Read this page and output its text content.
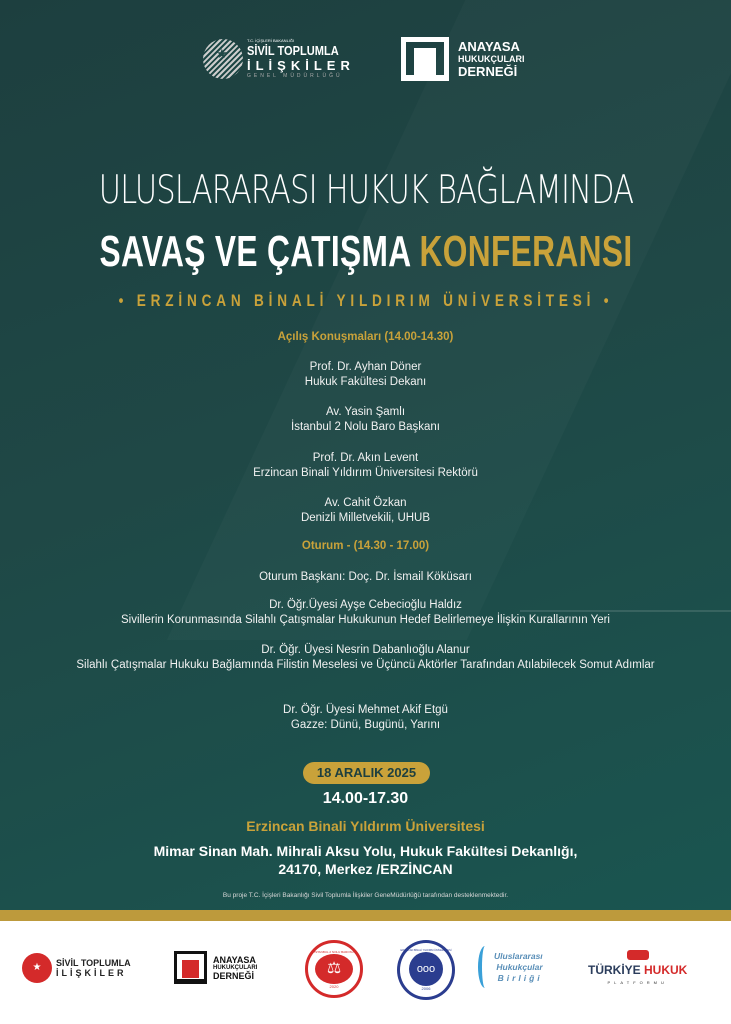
★
T.C. İÇİŞLERİ BAKANLIĞI
SİVİL TOPLUMLA
İLİŞKİLER
GENEL MÜDÜRLÜĞÜ
ANAYASA
HUKUKÇULARI
DERNEĞİ
ULUSLARARASI HUKUK BAĞLAMINDA
SAVAŞ VE ÇATIŞMA KONFERANSI
• ERZİNCAN BİNALİ YILDIRIM ÜNİVERSİTESİ •
Açılış Konuşmaları (14.00-14.30)
Prof. Dr. Ayhan Döner
Hukuk Fakültesi Dekanı
Av. Yasin Şamlı
İstanbul 2 Nolu Baro Başkanı
Prof. Dr. Akın Levent
Erzincan Binali Yıldırım Üniversitesi Rektörü
Av. Cahit Özkan
Denizli Milletvekili, UHUB
Oturum - (14.30 - 17.00)
Oturum Başkanı: Doç. Dr. İsmail Köküsarı
Dr. Öğr.Üyesi Ayşe Cebecioğlu Haldız
Sivillerin Korunmasında Silahlı Çatışmalar Hukukunun Hedef Belirlemeye İlişkin Kurallarının Yeri
Dr. Öğr. Üyesi Nesrin Dabanlıoğlu Alanur
Silahlı Çatışmalar Hukuku Bağlamında Filistin Meselesi ve Üçüncü Aktörler Tarafından Atılabilecek Somut Adımlar
Dr. Öğr. Üyesi Mehmet Akif Etgü
Gazze: Dünü, Bugünü, Yarını
18 ARALIK 2025
14.00-17.30
Erzincan Binali Yıldırım Üniversitesi
Mimar Sinan Mah. Mihrali Aksu Yolu, Hukuk Fakültesi Dekanlığı,
24170, Merkez /ERZİNCAN
Bu proje T.C. İçişleri Bakanlığı Sivil Toplumla İlişkiler GeneMüdürlüğü tarafından desteklenmektedir.
★	SİVİL TOPLUMLA
İLİŞKİLER
ANAYASA
HUKUKÇULARI
DERNEĞİ
İSTANBUL 2 NOLU BAROSU
⚖
2020
ERZİNCAN BİNALİ YILDIRIM ÜNİVERSİTESİ
ooo
2006
Uluslararası
Hukukçular
Birliği
TÜRKİYE HUKUK
PLATFORMU
